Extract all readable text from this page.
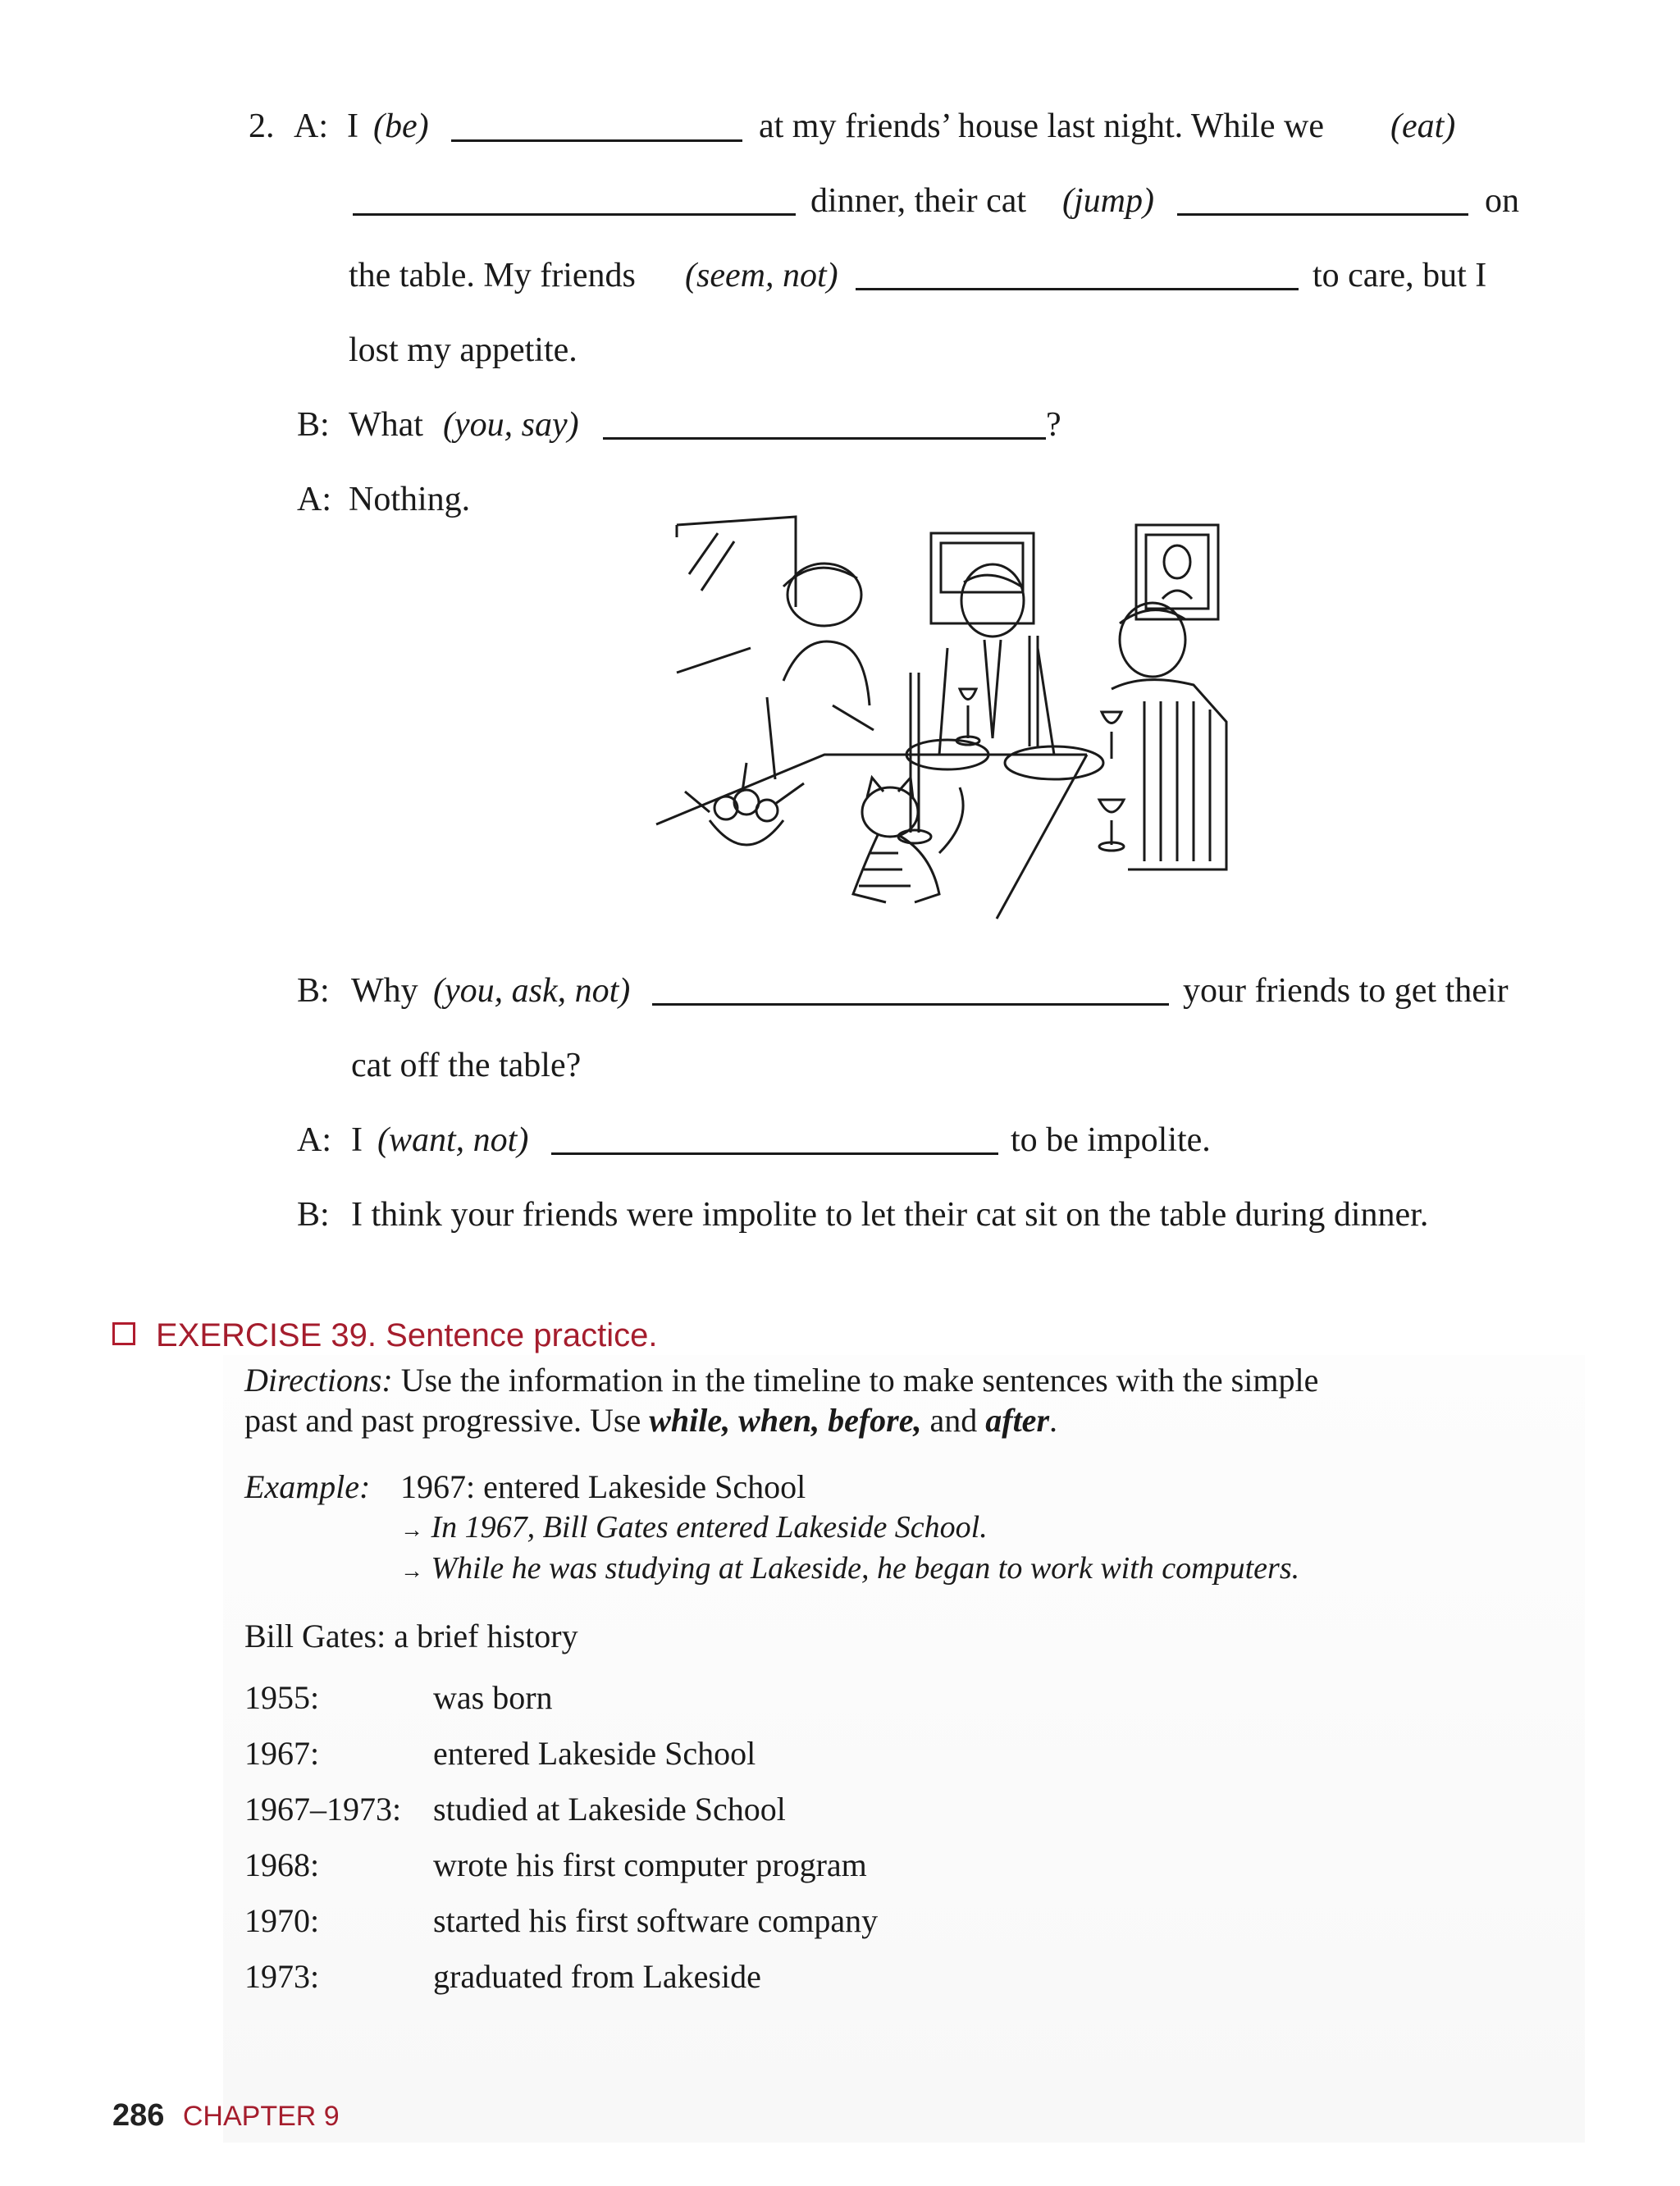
2. A: I (be)	at my friends’ house last night. While we (eat)
dinner, their cat (jump)	on
the table. My friends (seem, not)	to care, but I
lost my appetite.
B: What (you, say)	?
A: Nothing.
B: Why (you, ask, not)	your friends to get their
cat off the table?
A: I (want, not)	to be impolite.
B: I think your friends were impolite to let their cat sit on the table during dinner.
EXERCISE 39. Sentence practice.
Directions: Use the information in the timeline to make sentences with the simple
past and past progressive. Use while, when, before, and after.
Example: 1967: entered Lakeside School
→ In 1967, Bill Gates entered Lakeside School.
→ While he was studying at Lakeside, he began to work with computers.
Bill Gates: a brief history
1955:	was born
1967:	entered Lakeside School
1967–1973: studied at Lakeside School
1968:	wrote his first computer program
1970:	started his first software company
1973:	graduated from Lakeside
286 CHAPTER 9
